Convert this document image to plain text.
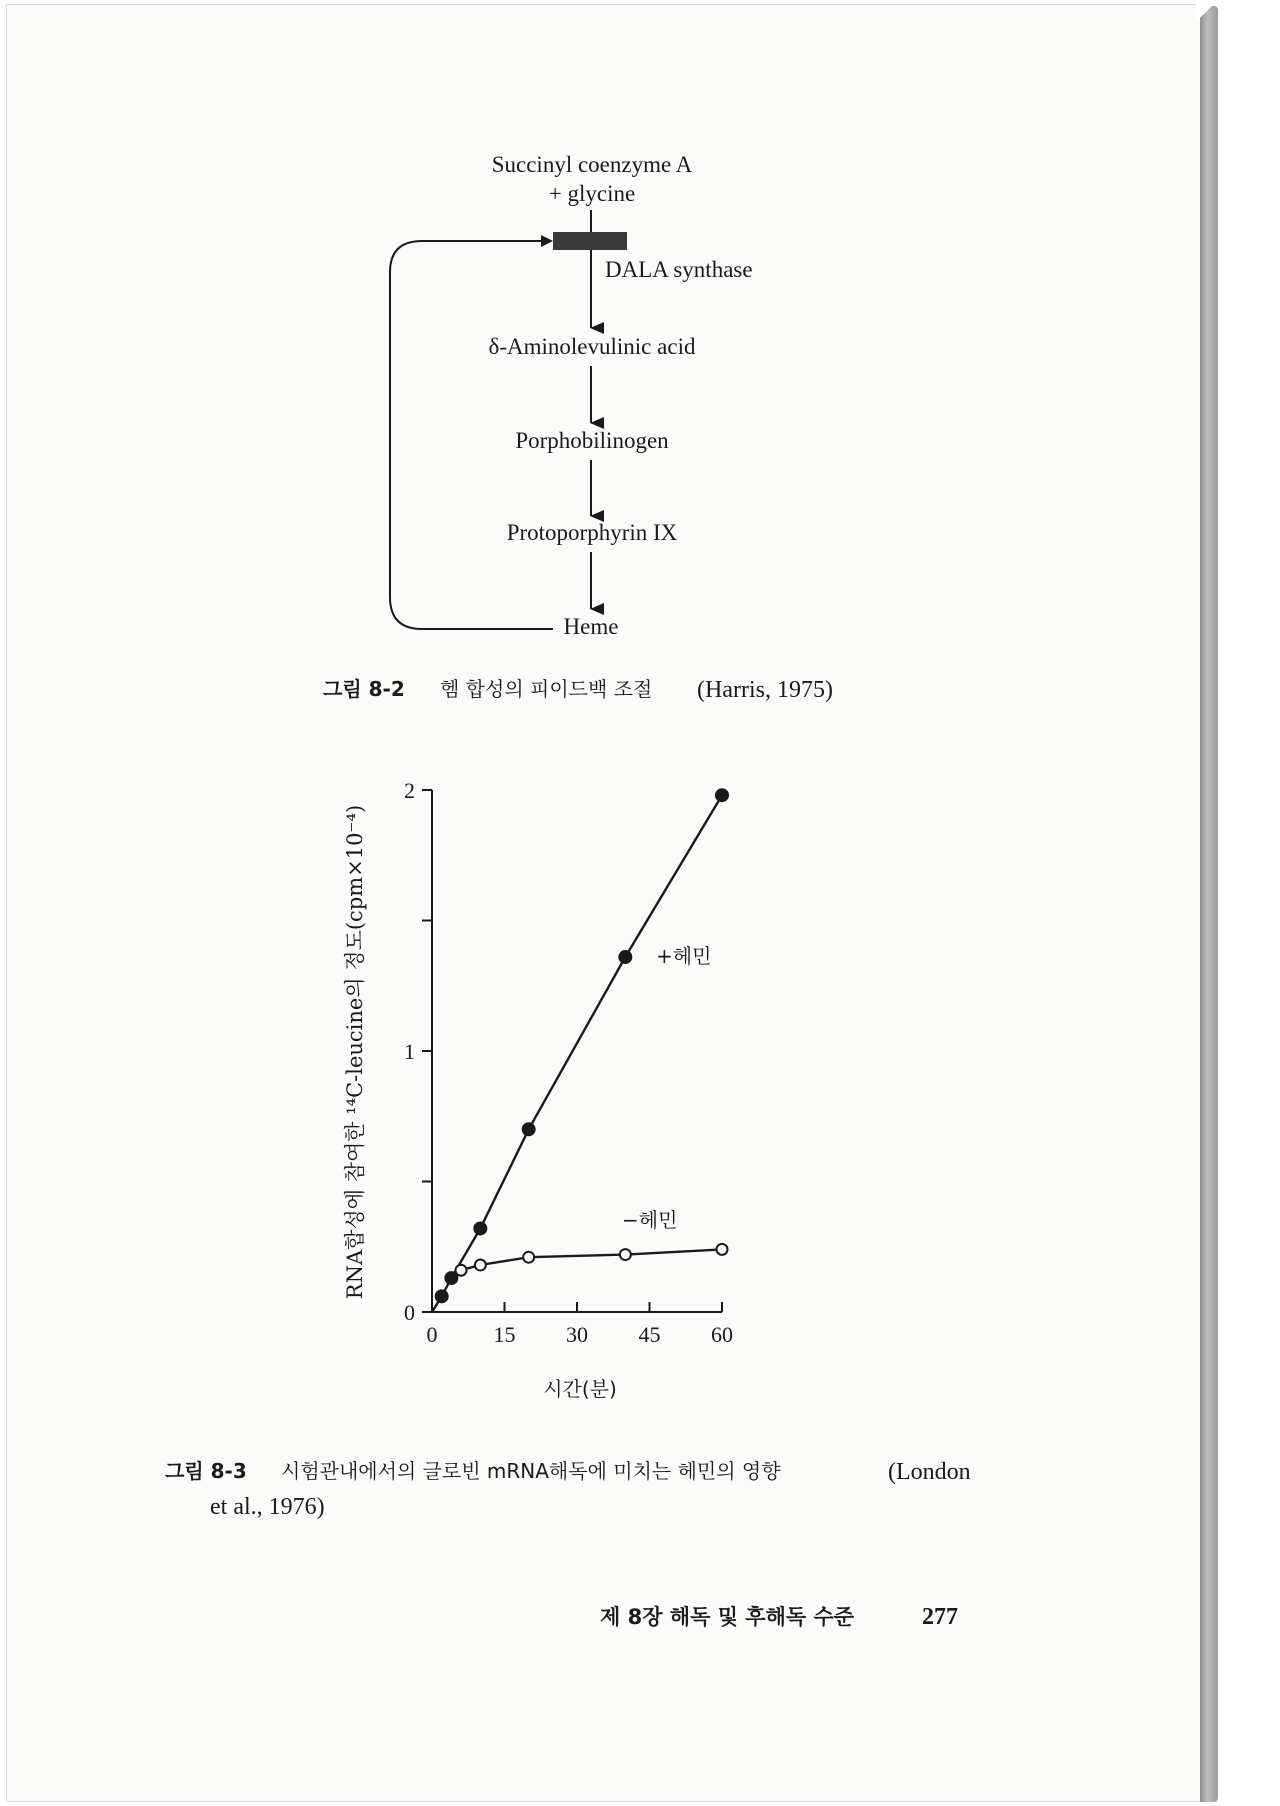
Succinyl coenzyme A
+ glycine
DALA synthase
δ-Aminolevulinic acid
Porphobilinogen
Protoporphyrin IX
Heme
그림 8-2 헴 합성의 피이드백 조절 (Harris, 1975)
0	15 30 45 60
0
1
2
+헤민
−헤민
RNA합성에 참여한 ¹⁴C-leucine의 정도(cpm×10⁻⁴)
시간(분)
그림 8-3 시험관내에서의 글로빈 mRNA해독에 미치는 헤민의 영향	(London
et al., 1976)
제 8장 해독 및 후해독 수준	277
